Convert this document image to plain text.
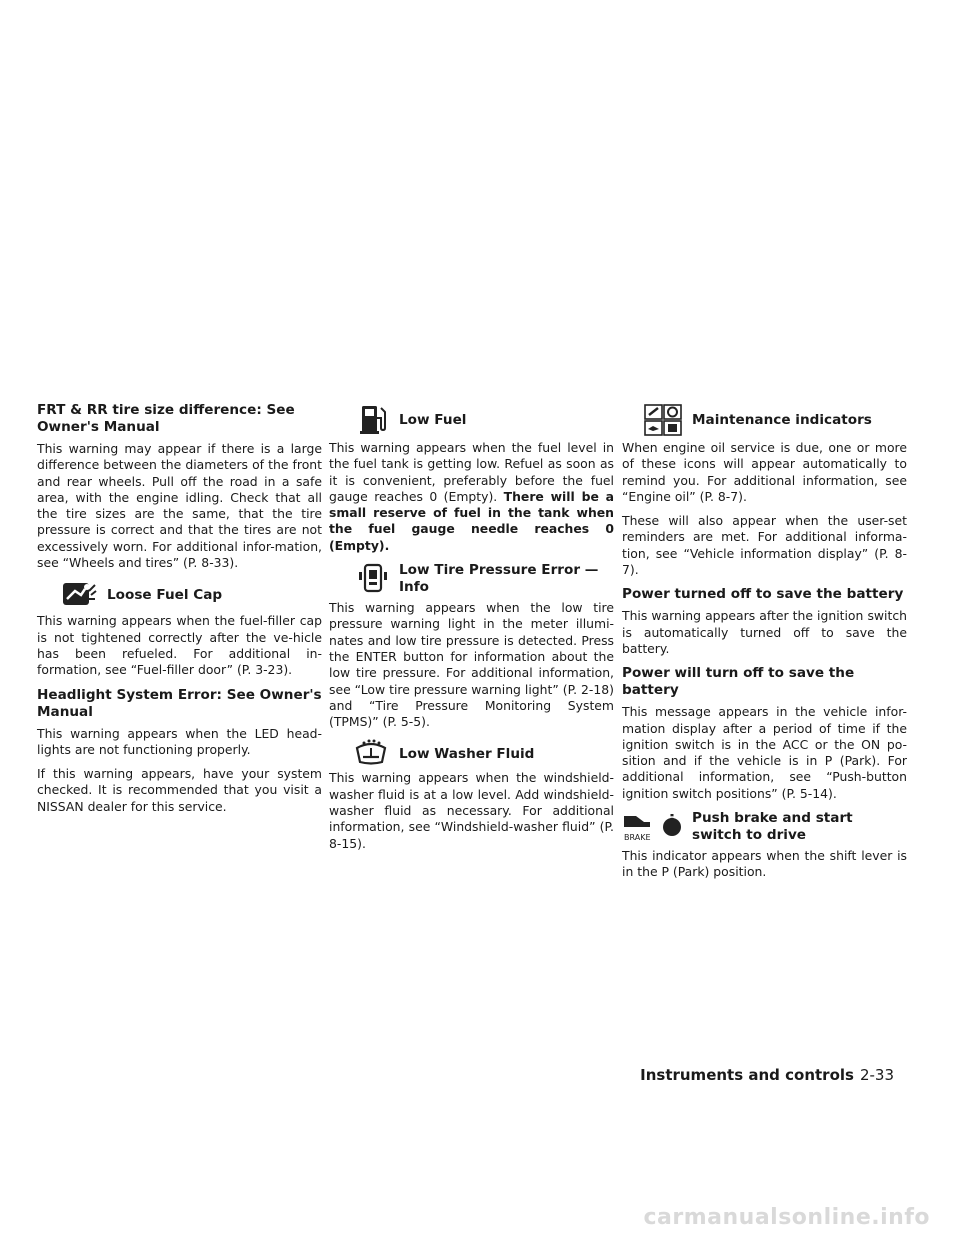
FRT & RR tire size difference: See Owner's Manual

This warning may appear if there is a large difference between the diameters of the front and rear wheels. Pull off the road in a safe area, with the engine idling. Check that all the tire sizes are the same, that the tire pressure is correct and that the tires are not excessively worn. For additional infor-mation, see “Wheels and tires” (P. 8-33).

Loose Fuel Cap

This warning appears when the fuel-filler cap is not tightened correctly after the ve-hicle has been refueled. For additional in-formation, see “Fuel-filler door” (P. 3-23).

Headlight System Error: See Owner's Manual

This warning appears when the LED head-lights are not functioning properly.

If this warning appears, have your system checked. It is recommended that you visit a NISSAN dealer for this service.

Low Fuel

This warning appears when the fuel level in the fuel tank is getting low. Refuel as soon as it is convenient, preferably before the fuel gauge reaches 0 (Empty). There will be a small reserve of fuel in the tank when the fuel gauge needle reaches 0 (Empty).

Low Tire Pressure Error —
Info

This warning appears when the low tire pressure warning light in the meter illumi-nates and low tire pressure is detected. Press the ENTER button for information about the low tire pressure. For additional information, see “Low tire pressure warning light” (P. 2-18) and “Tire Pressure Monitoring System (TPMS)” (P. 5-5).

Low Washer Fluid

This warning appears when the windshield-washer fluid is at a low level. Add windshield-washer fluid as necessary. For additional information, see “Windshield-washer fluid” (P. 8-15).

Maintenance indicators

When engine oil service is due, one or more of these icons will appear automatically to remind you. For additional information, see “Engine oil” (P. 8-7).

These will also appear when the user-set reminders are met. For additional informa-tion, see “Vehicle information display” (P. 8-7).

Power turned off to save the battery

This warning appears after the ignition switch is automatically turned off to save the battery.

Power will turn off to save the battery

This message appears in the vehicle infor-mation display after a period of time if the ignition switch is in the ACC or the ON po-sition and if the vehicle is in P (Park). For additional information, see “Push-button ignition switch positions” (P. 5-14).

BRAKE
Push brake and start
switch to drive

This indicator appears when the shift lever is in the P (Park) position.

Instruments and controls 2-33
carmanualsonline.info
